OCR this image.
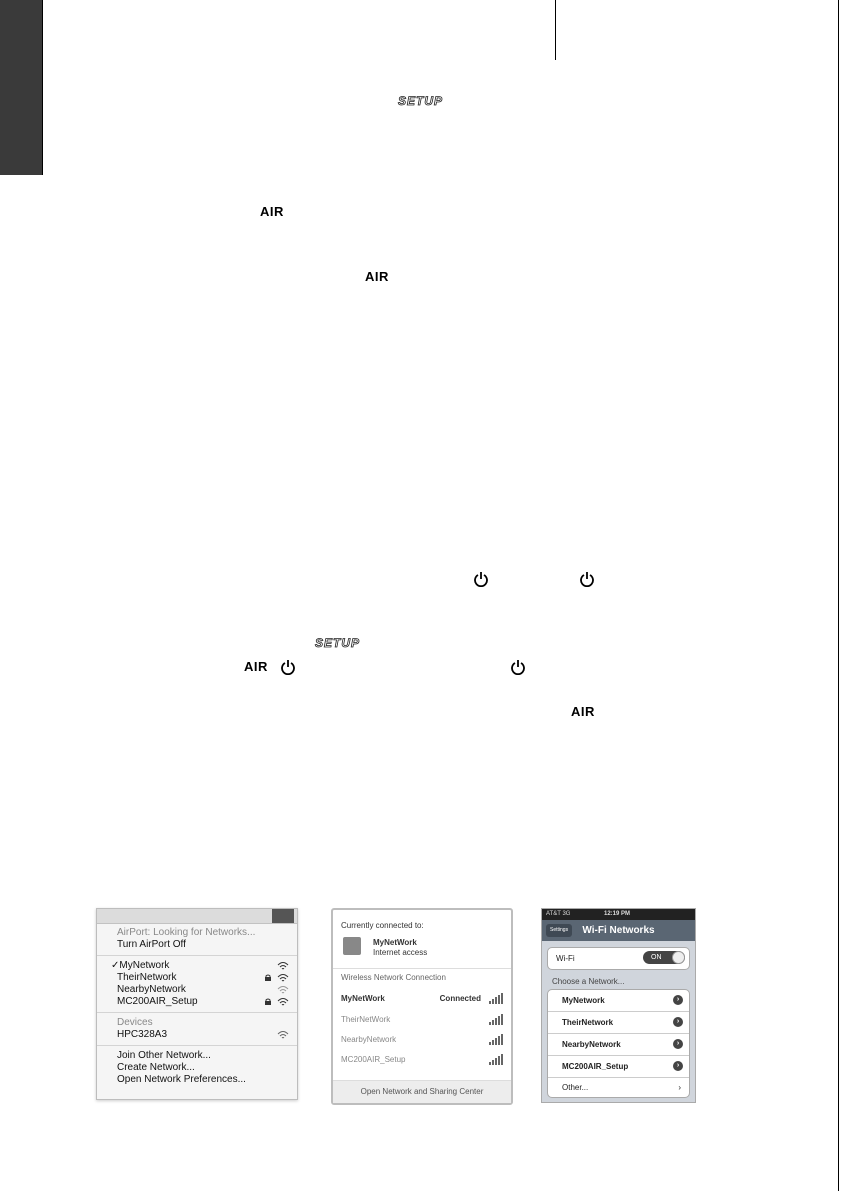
SETUP
AIR
AIR
SETUP
AIR
AIR
AirPort: Looking for Networks...
Turn AirPort Off
✓MyNetwork
TheirNetwork
NearbyNetwork
MC200AIR_Setup
Devices
HPC328A3
Join Other Network...
Create Network...
Open Network Preferences...
Currently connected to:
MyNetWork
Internet access
Wireless Network Connection
MyNetWork	Connected
TheirNetWork
NearbyNetwork
MC200AIR_Setup
Open Network and Sharing Center
AT&T 3G	12:19 PM
Settings	Wi-Fi Networks
Wi-Fi	ON
Choose a Network...
MyNetwork	›
TheirNetwork	›
NearbyNetwork	›
MC200AIR_Setup	›
Other...	›
